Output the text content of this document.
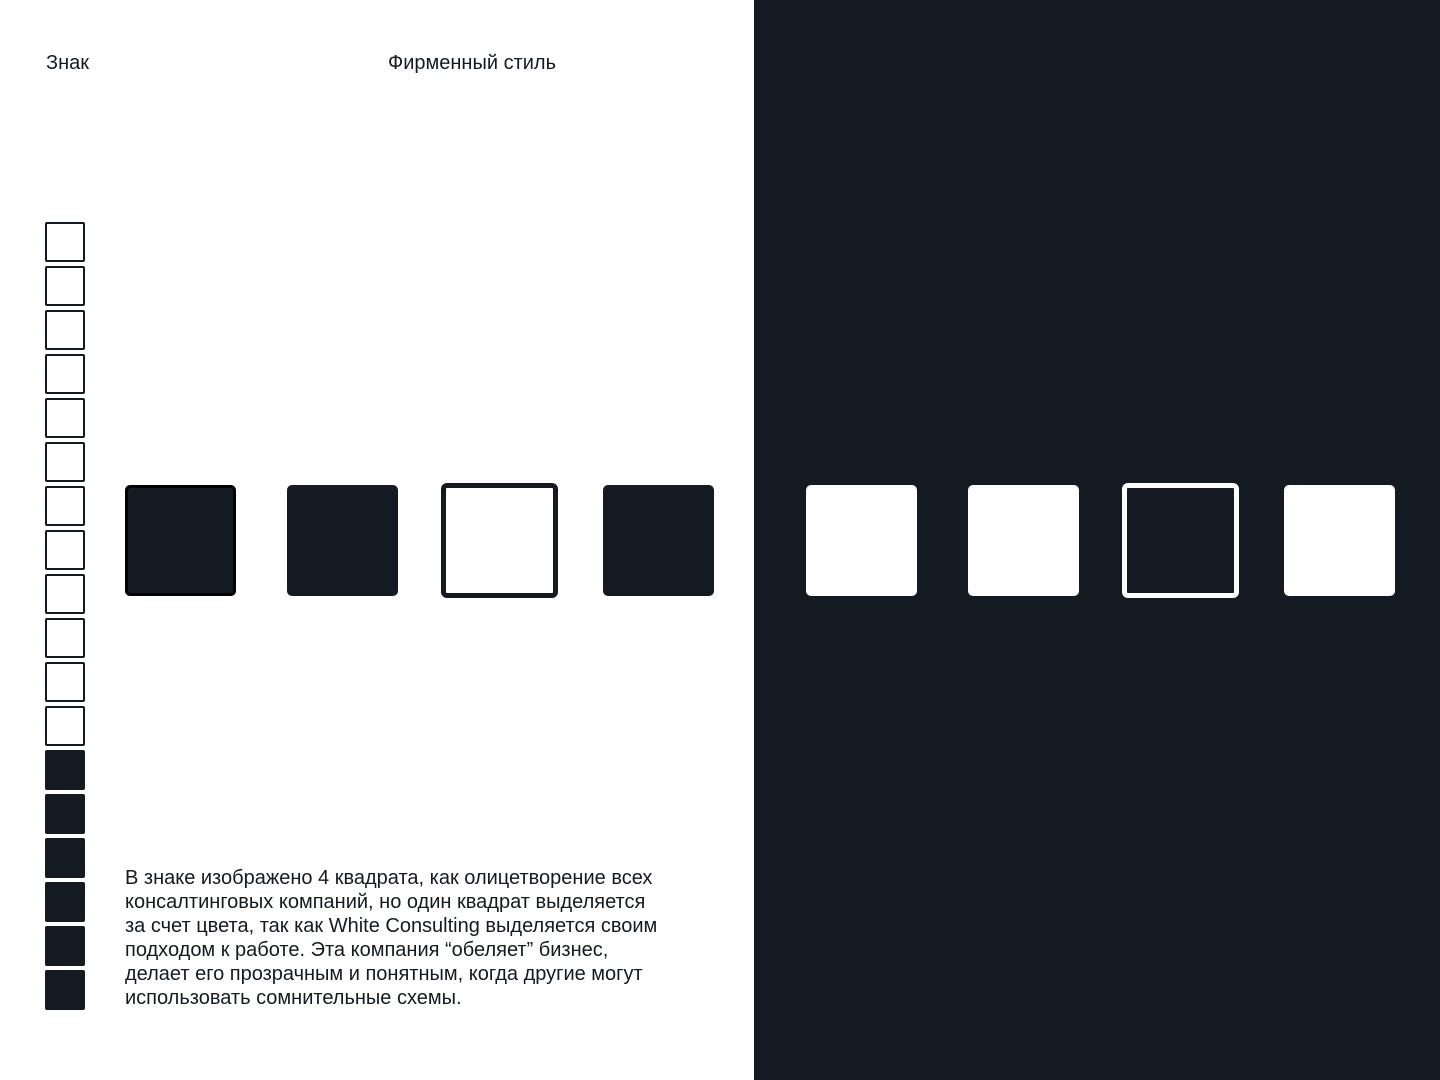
Знак	Фирменный стиль
В знаке изображено 4 квадрата, как олицетворение всех
консалтинговых компаний, но один квадрат выделяется
за счет цвета, так как White Consulting выделяется своим
подходом к работе. Эта компания “обеляет” бизнес,
делает его прозрачным и понятным, когда другие могут
использовать сомнительные схемы.
